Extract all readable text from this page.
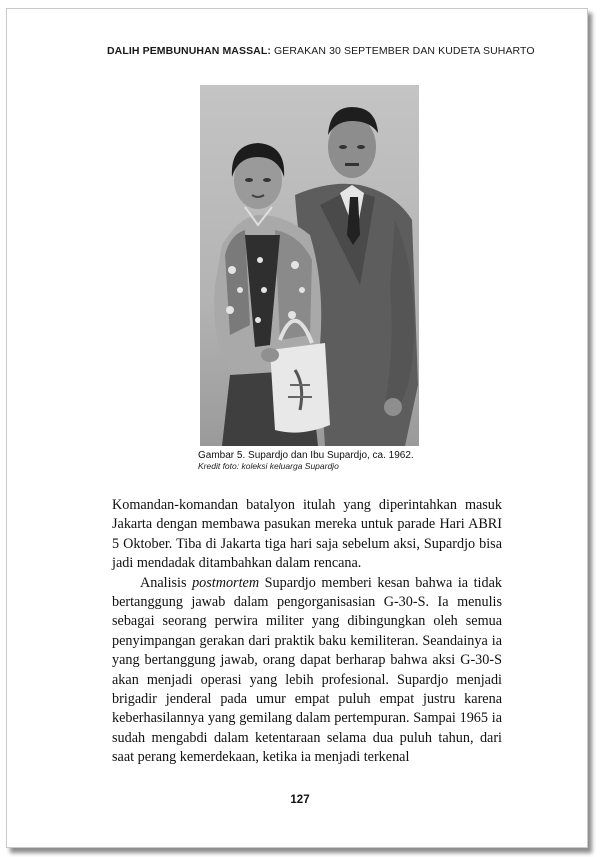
DALIH PEMBUNUHAN MASSAL: GERAKAN 30 SEPTEMBER DAN KUDETA SUHARTO
Gambar 5. Supardjo dan Ibu Supardjo, ca. 1962.
Kredit foto: koleksi keluarga Supardjo

Komandan-komandan batalyon itulah yang diperintahkan masuk Jakarta dengan membawa pasukan mereka untuk parade Hari ABRI 5 Oktober. Tiba di Jakarta tiga hari saja sebelum aksi, Supardjo bisa jadi mendadak ditambahkan dalam rencana.

Analisis postmortem Supardjo memberi kesan bahwa ia tidak bertanggung jawab dalam pengorganisasian G-30-S. Ia menulis sebagai seorang perwira militer yang dibingungkan oleh semua penyimpangan gerakan dari praktik baku kemiliteran. Seandainya ia yang bertanggung jawab, orang dapat berharap bahwa aksi G-30-S akan menjadi operasi yang lebih profesional. Supardjo menjadi brigadir jenderal pada umur empat puluh empat justru karena keberhasilannya yang gemilang dalam pertempuran. Sampai 1965 ia sudah mengabdi dalam ketentaraan selama dua puluh tahun, dari saat perang kemerdekaan, ketika ia menjadi terkenal

127
